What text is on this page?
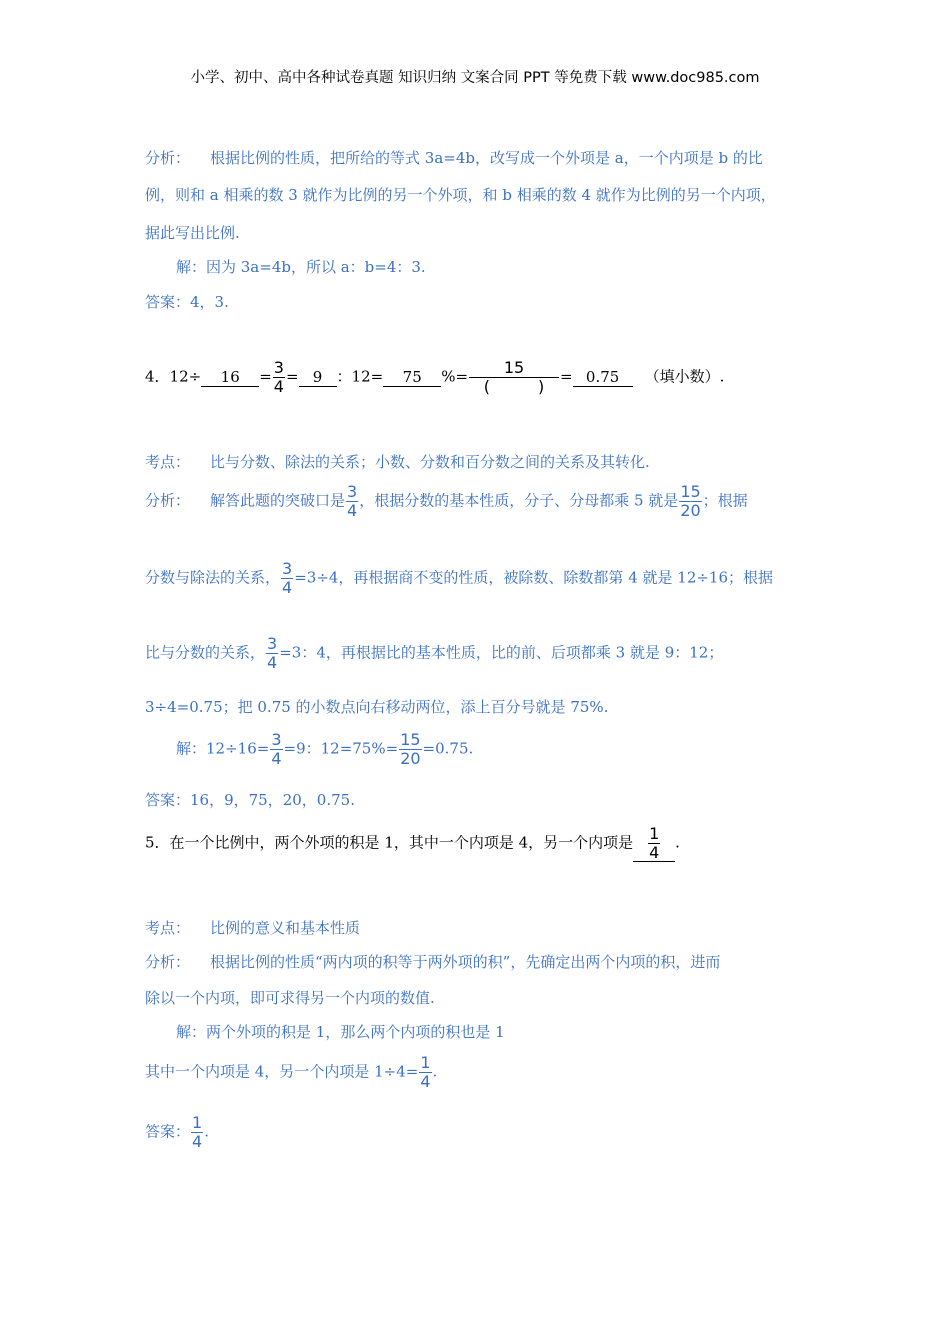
小学、初中、高中各种试卷真题 知识归纳 文案合同 PPT 等免费下载 www.doc985.com
分析： 根据比例的性质，把所给的等式 3a=4b，改写成一个外项是 a，一个内项是 b 的比
例，则和 a 相乘的数 3 就作为比例的另一个外项，和 b 相乘的数 4 就作为比例的另一个内项，
据此写出比例.
解：因为 3a=4b，所以 a：b=4：3.
答案：4，3.
4．$12\div 16 = \frac{3}{4} = 9$ ：12= 75 %= $\frac{15}{( )} = 0.75$ （填小数）.
考点： 比与分数、除法的关系；小数、分数和百分数之间的关系及其转化.
分析： 解答此题的突破口是 $\frac{3}{4}$ ，根据分数的基本性质，分子、分母都乘 5 就是 $\frac{15}{20}$ ；根据
分数与除法的关系， $\frac{3}{4} =3\div 4$，再根据商不变的性质，被除数、除数都第 4 就是 12÷16；根据
比与分数的关系， $\frac{3}{4} =3$：4，再根据比的基本性质，比的前、后项都乘 3 就是 9：12；
3÷4=0.75；把 0.75 的小数点向右移动两位，添上百分号就是 75%.
解：$12\div 16= \frac{3}{4} =9$：$12=75\%= \frac{15}{20} =0.75$.
答案：16，9，75，20，0.75.
5．在一个比例中，两个外项的积是 1，其中一个内项是 4，另一个内项是 $\frac{1}{4}$ .
考点： 比例的意义和基本性质
分析： 根据比例的性质“两内项的积等于两外项的积”，先确定出两个内项的积，进而
除以一个内项，即可求得另一个内项的数值.
解：两个外项的积是 1，那么两个内项的积也是 1
其中一个内项是 4，另一个内项是 $1\div 4= \frac{1}{4}$ .
答案： $\frac{1}{4}$ .
